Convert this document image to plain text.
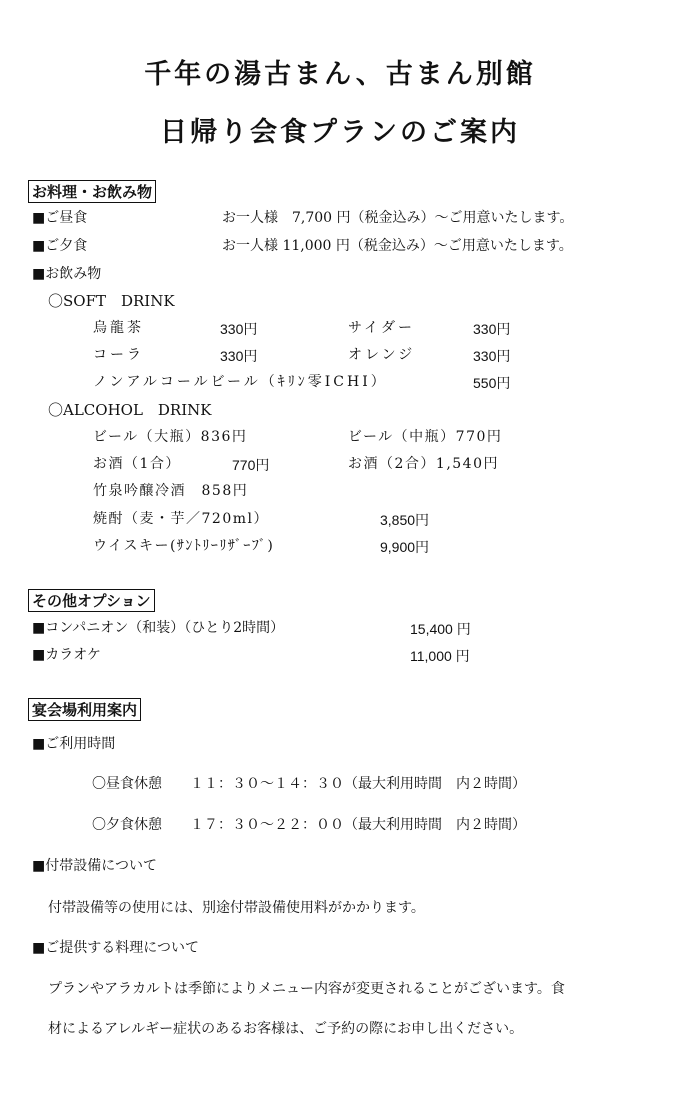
千年の湯古まん、古まん別館
日帰り会食プランのご案内
お料理・お飲み物
■ご昼食	お一人様　7,700 円（税金込み）～ご用意いたします。
■ご夕食	お一人様 11,000 円（税金込み）～ご用意いたします。
■お飲み物
〇SOFT　DRINK
烏龍茶	330円	サイダー	330円
コーラ	330円	オレンジ	330円
ノンアルコールビール（ｷﾘﾝ零ICHI）	550円
〇ALCOHOL　DRINK
ビール（大瓶）836円	ビール（中瓶）770円
お酒（1合）	770円	お酒（2合）1,540円
竹泉吟醸冷酒　858円
焼酎（麦・芋／720ml）	3,850円
ウイスキー(ｻﾝﾄﾘｰﾘｻﾞｰﾌﾞ)	9,900円
その他オプション
■コンパニオン（和装）（ひとり2時間）	15,400 円
■カラオケ	11,000 円
宴会場利用案内
■ご利用時間
〇昼食休憩　　１１：３０～１４：３０（最大利用時間　内２時間）
〇夕食休憩　　１７：３０～２２：００（最大利用時間　内２時間）
■付帯設備について
付帯設備等の使用には、別途付帯設備使用料がかかります。
■ご提供する料理について
プランやアラカルトは季節によりメニュー内容が変更されることがございます。食
材によるアレルギー症状のあるお客様は、ご予約の際にお申し出ください。
